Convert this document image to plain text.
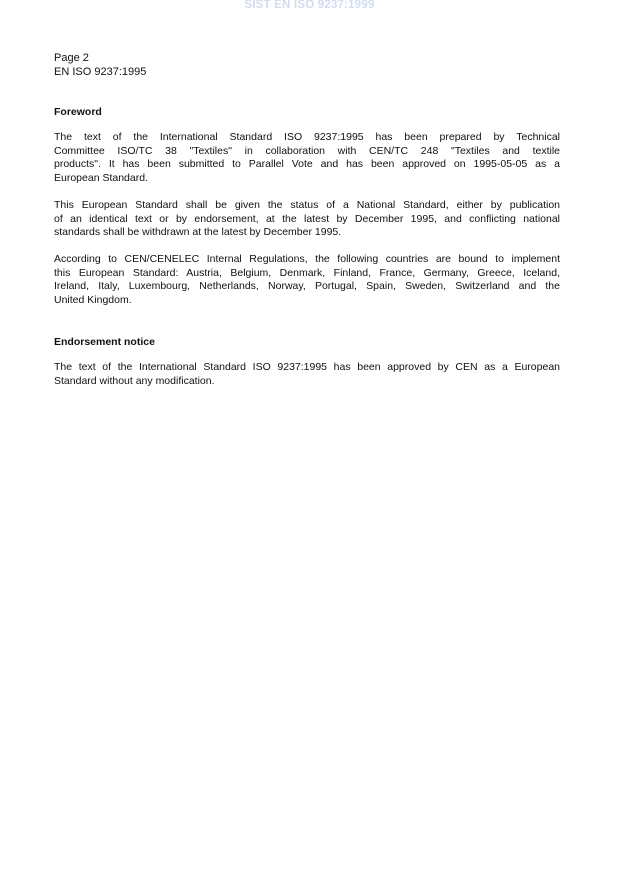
SIST EN ISO 9237:1999
Page 2
EN ISO 9237:1995
Foreword
The text of the International Standard ISO 9237:1995 has been prepared by Technical
Committee ISO/TC 38 "Textiles" in collaboration with CEN/TC 248 "Textiles and textile
products". It has been submitted to Parallel Vote and has been approved on 1995-05-05 as a
European Standard.
This European Standard shall be given the status of a National Standard, either by publication
of an identical text or by endorsement, at the latest by December 1995, and conflicting national
standards shall be withdrawn at the latest by December 1995.
According to CEN/CENELEC Internal Regulations, the following countries are bound to implement
this European Standard: Austria, Belgium, Denmark, Finland, France, Germany, Greece, Iceland,
Ireland, Italy, Luxembourg, Netherlands, Norway, Portugal, Spain, Sweden, Switzerland and the
United Kingdom.
Endorsement notice
The text of the International Standard ISO 9237:1995 has been approved by CEN as a European
Standard without any modification.
